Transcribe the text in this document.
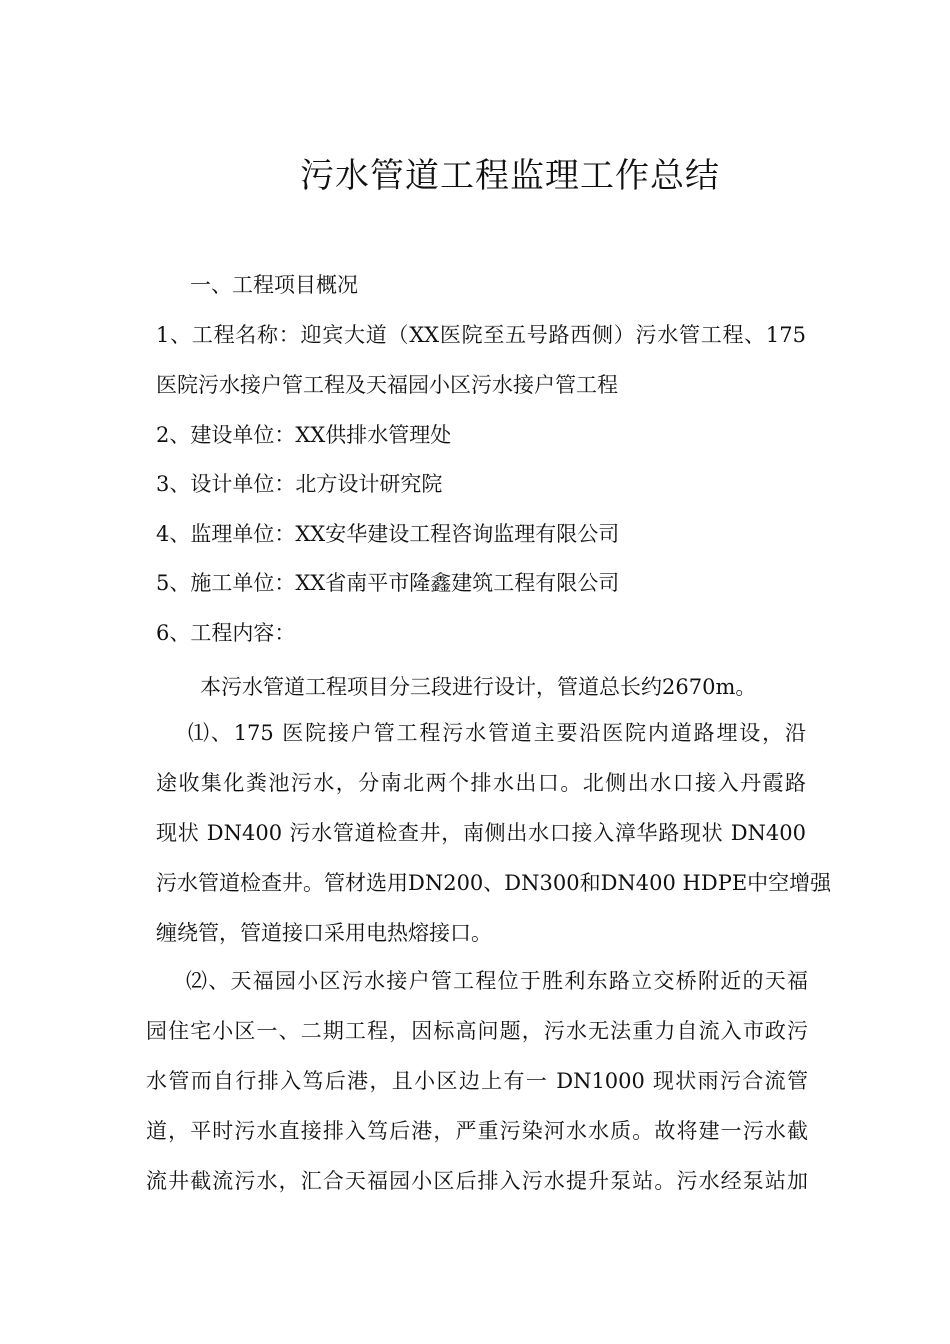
污水管道工程监理工作总结
一、工程项目概况
1、工程名称：迎宾大道（XX医院至五号路西侧）污水管工程、175
医院污水接户管工程及天福园小区污水接户管工程
2、建设单位：XX供排水管理处
3、设计单位：北方设计研究院
4、监理单位：XX安华建设工程咨询监理有限公司
5、施工单位：XX省南平市隆鑫建筑工程有限公司
6、工程内容：
本污水管道工程项目分三段进行设计，管道总长约2670m。
⑴、175 医院接户管工程污水管道主要沿医院内道路埋设，沿
途收集化粪池污水，分南北两个排水出口。北侧出水口接入丹霞路
现状 DN400 污水管道检查井，南侧出水口接入漳华路现状 DN400
污水管道检查井。管材选用DN200、DN300和DN400 HDPE中空增强
缠绕管，管道接口采用电热熔接口。
⑵、天福园小区污水接户管工程位于胜利东路立交桥附近的天福
园住宅小区一、二期工程，因标高问题，污水无法重力自流入市政污
水管而自行排入笃后港，且小区边上有一 DN1000 现状雨污合流管
道，平时污水直接排入笃后港，严重污染河水水质。故将建一污水截
流井截流污水，汇合天福园小区后排入污水提升泵站。污水经泵站加
